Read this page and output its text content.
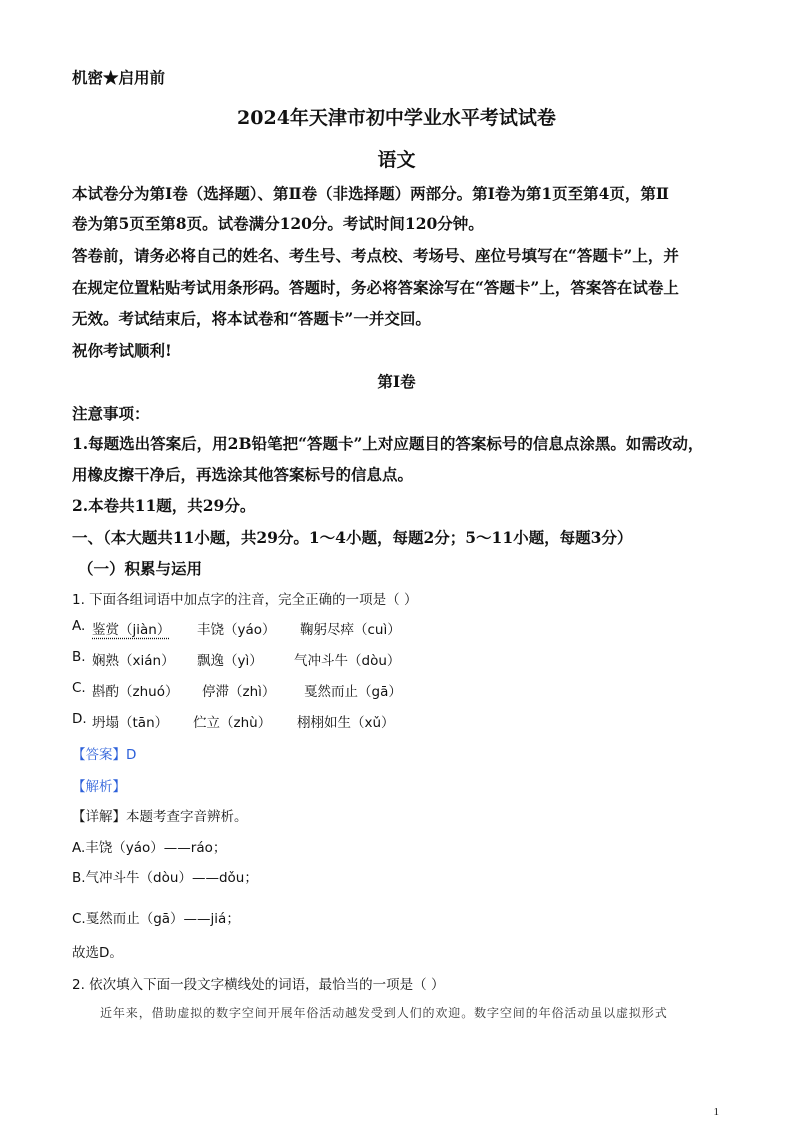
机密★启用前
2024年天津市初中学业水平考试试卷
语文
本试卷分为第Ⅰ卷（选择题）、第Ⅱ卷（非选择题）两部分。第Ⅰ卷为第1页至第4页，第Ⅱ
卷为第5页至第8页。试卷满分120分。考试时间120分钟。
答卷前，请务必将自己的姓名、考生号、考点校、考场号、座位号填写在“答题卡”上，并
在规定位置粘贴考试用条形码。答题时，务必将答案涂写在“答题卡”上，答案答在试卷上
无效。考试结束后，将本试卷和“答题卡”一并交回。
祝你考试顺利!
第Ⅰ卷
注意事项：
1.每题选出答案后，用2B铅笔把“答题卡”上对应题目的答案标号的信息点涂黑。如需改动，
用橡皮擦干净后，再选涂其他答案标号的信息点。
2.本卷共11题，共29分。
一、（本大题共11小题，共29分。1～4小题，每题2分；5～11小题，每题3分）
（一）积累与运用
1. 下面各组词语中加点字的注音，完全正确的一项是（ ）
A. 鉴赏（jiàn） 丰饶（yáo） 鞠躬尽瘁（cuì）
B. 娴熟（xián） 飘逸（yì） 气冲斗牛（dòu）
C. 斟酌（zhuó） 停滞（zhì） 戛然而止（gā）
D. 坍塌（tān） 伫立（zhù） 栩栩如生（xǔ）
【答案】D
【解析】
【详解】本题考查字音辨析。
A.丰饶（yáo）——ráo；
B.气冲斗牛（dòu）——dǒu；
C.戛然而止（gā）——jiá；
故选D。
2. 依次填入下面一段文字横线处的词语，最恰当的一项是（ ）
近年来，借助虚拟的数字空间开展年俗活动越发受到人们的欢迎。数字空间的年俗活动虽以虚拟形式
1
